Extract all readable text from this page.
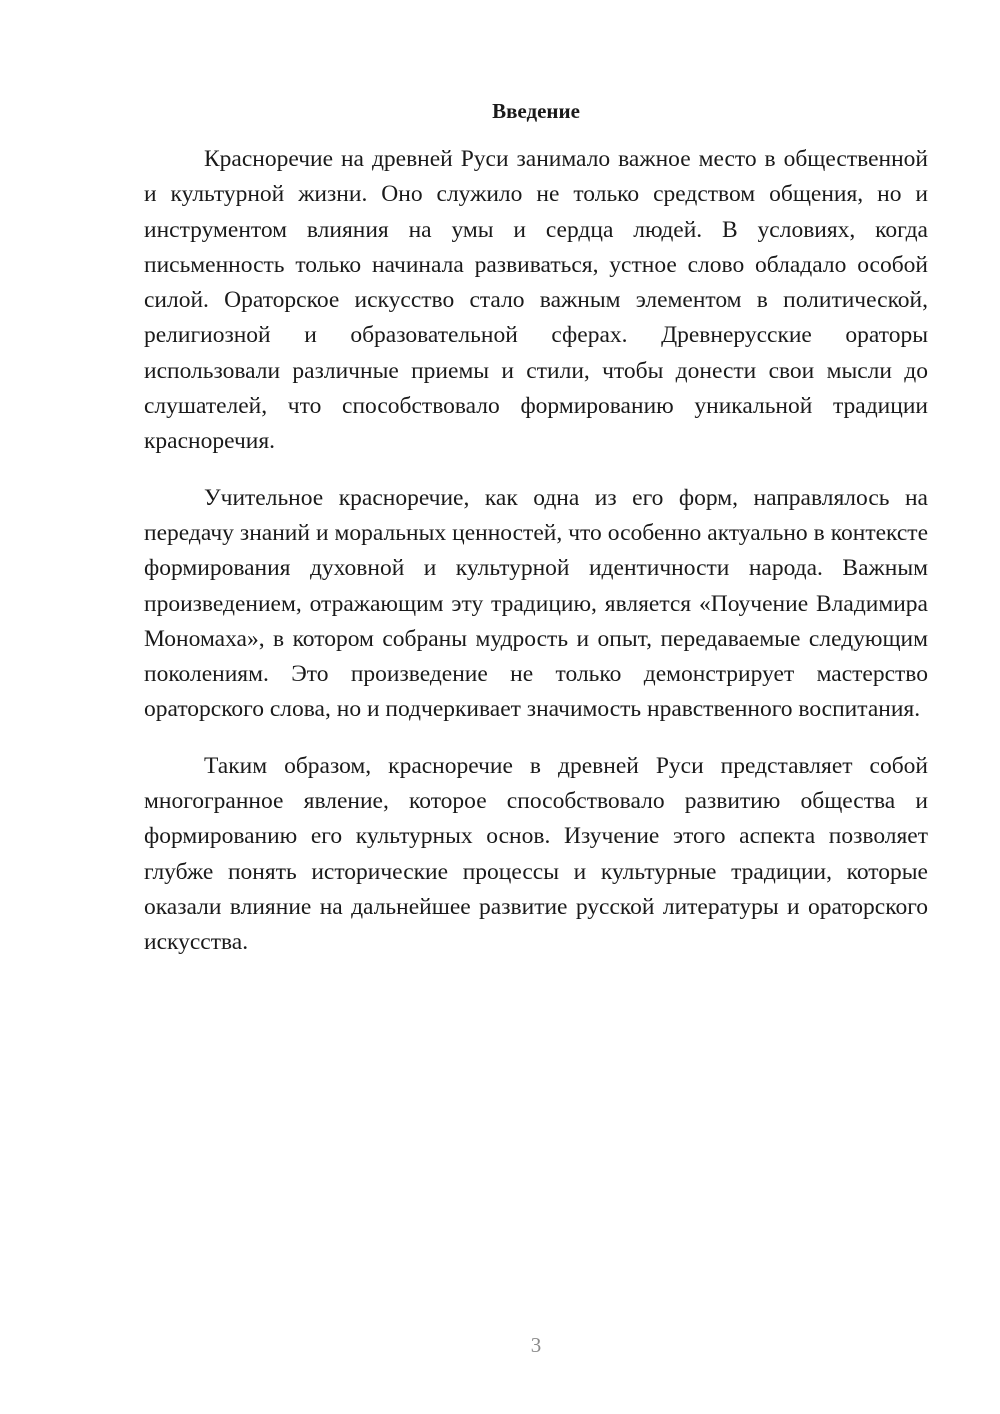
Введение

Красноречие на древней Руси занимало важное место в общественной и культурной жизни. Оно служило не только средством общения, но и инструментом влияния на умы и сердца людей. В условиях, когда письменность только начинала развиваться, устное слово обладало особой силой. Ораторское искусство стало важным элементом в политической, религиозной и образовательной сферах. Древнерусские ораторы использовали различные приемы и стили, чтобы донести свои мысли до слушателей, что способствовало формированию уникальной традиции красноречия.

Учительное красноречие, как одна из его форм, направлялось на передачу знаний и моральных ценностей, что особенно актуально в контексте формирования духовной и культурной идентичности народа. Важным произведением, отражающим эту традицию, является «Поучение Владимира Мономаха», в котором собраны мудрость и опыт, передаваемые следующим поколениям. Это произведение не только демонстрирует мастерство ораторского слова, но и подчеркивает значимость нравственного воспитания.

Таким образом, красноречие в древней Руси представляет собой многогранное явление, которое способствовало развитию общества и формированию его культурных основ. Изучение этого аспекта позволяет глубже понять исторические процессы и культурные традиции, которые оказали влияние на дальнейшее развитие русской литературы и ораторского искусства.

3
